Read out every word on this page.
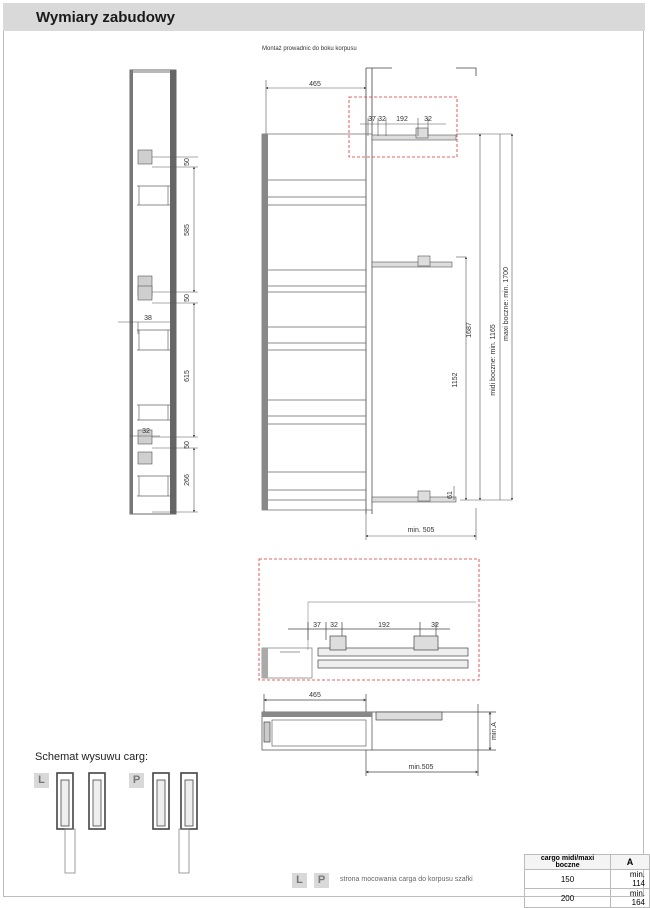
Wymiary zabudowy
Montaż prowadnic do boku korpusu
50
585
50
38
615
32
50
266
465
37 32 192 32
1687
1152
61
midi boczne: min. 1165
maxi boczne: min. 1700
min. 505
37 32	192	32
465
min.A
min.505
Schemat wysuwu carg:
L	P
L	P	strona mocowania carga do korpusu szafki
cargo midi/maxi boczne	A
150	min. 114
200	min. 164
